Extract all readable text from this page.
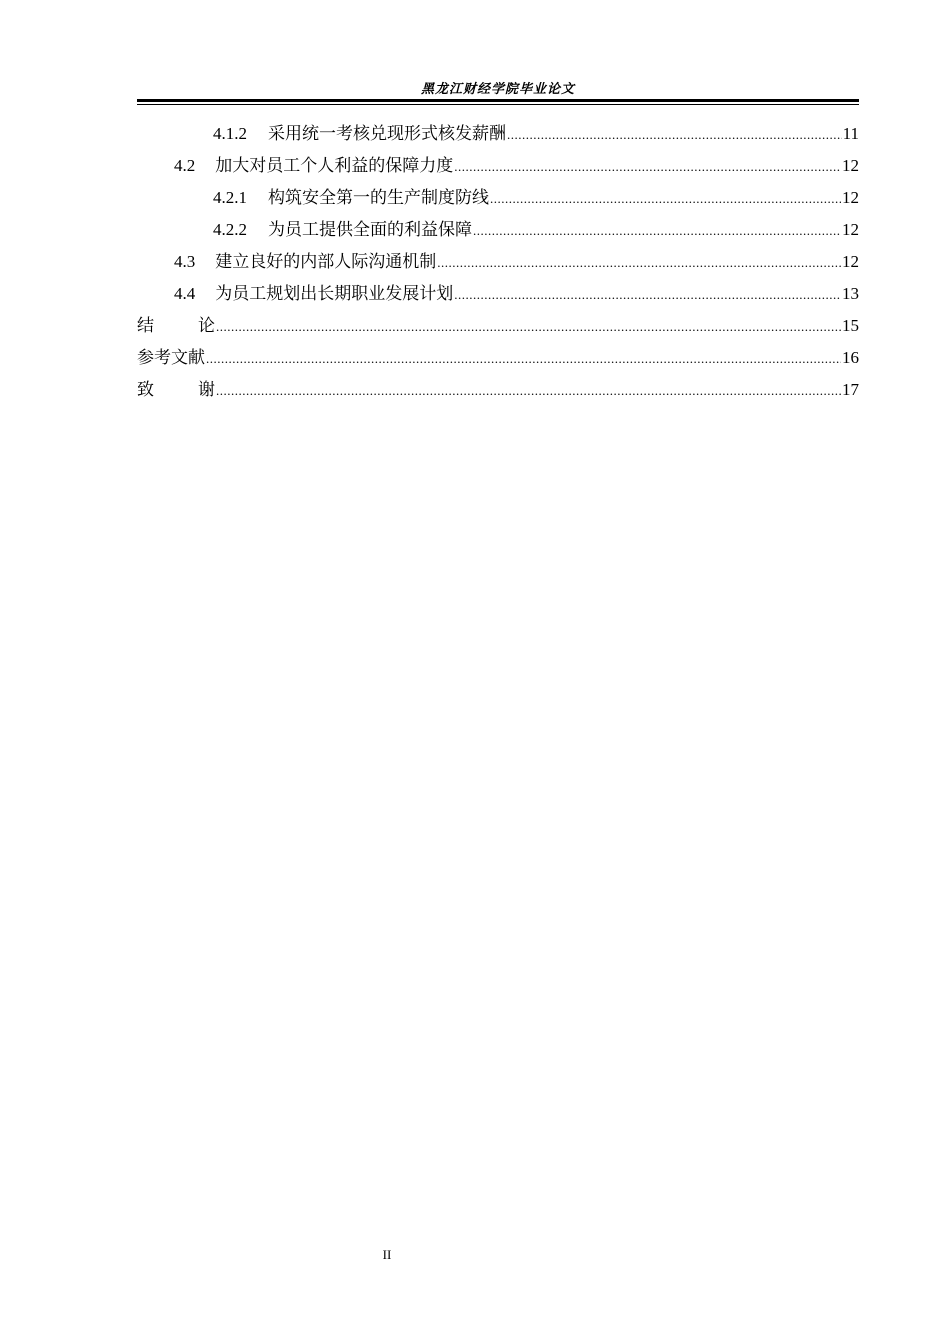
黑龙江财经学院毕业论文
4.1.2 采用统一考核兑现形式核发薪酬 .....	11
4.2 加大对员工个人利益的保障力度 .....	12
4.2.1 构筑安全第一的生产制度防线 .....	12
4.2.2 为员工提供全面的利益保障 .....	12
4.3 建立良好的内部人际沟通机制 .....	12
4.4 为员工规划出长期职业发展计划 .....	13
结	论 .....	15
参考文献 .....	16
致	谢 .....	17
II
